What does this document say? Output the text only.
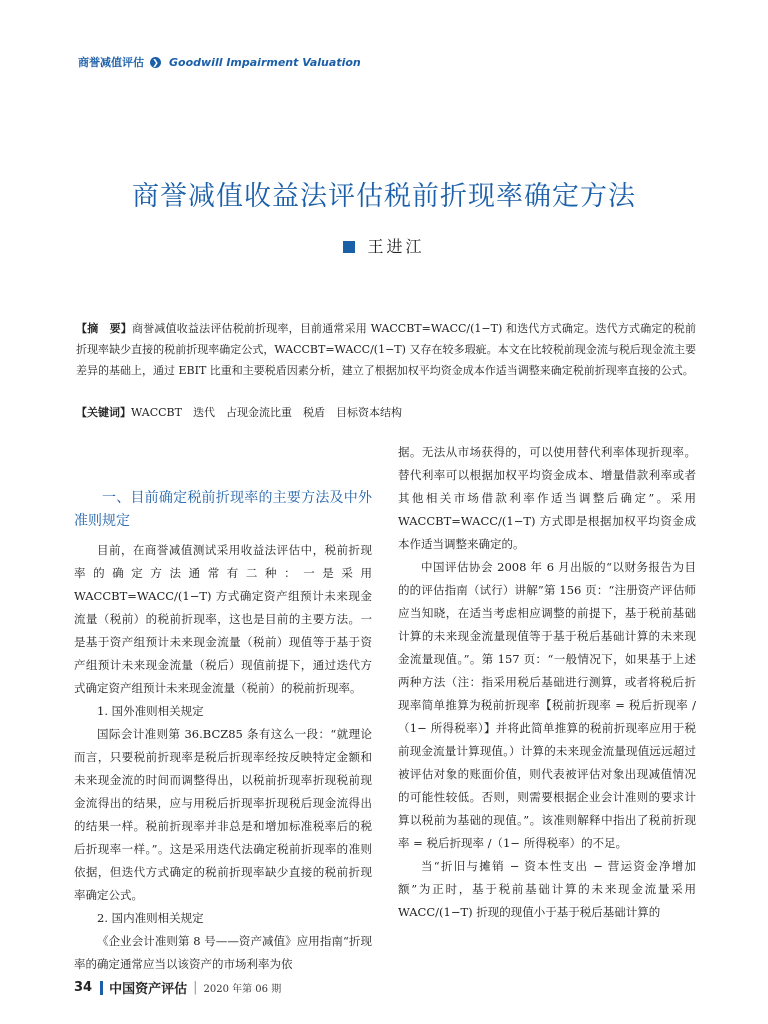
商誉减值评估 ❯ Goodwill Impairment Valuation
商誉减值收益法评估税前折现率确定方法
王进江
【摘　要】商誉减值收益法评估税前折现率，目前通常采用 WACCBT=WACC/(1−T) 和迭代方式确定。迭代方式确定的税前折现率缺少直接的税前折现率确定公式，WACCBT=WACC/(1−T) 又存在较多瑕疵。本文在比较税前现金流与税后现金流主要差异的基础上，通过 EBIT 比重和主要税盾因素分析，建立了根据加权平均资金成本作适当调整来确定税前折现率直接的公式。
【关键词】WACCBT　迭代　占现金流比重　税盾　目标资本结构
一、目前确定税前折现率的主要方法及中外准则规定

目前，在商誉减值测试采用收益法评估中，税前折现率的确定方法通常有二种：一是采用 WACCBT=WACC/(1−T) 方式确定资产组预计未来现金流量（税前）的税前折现率，这也是目前的主要方法。一是基于资产组预计未来现金流量（税前）现值等于基于资产组预计未来现金流量（税后）现值前提下，通过迭代方式确定资产组预计未来现金流量（税前）的税前折现率。

1. 国外准则相关规定

国际会计准则第 36.BCZ85 条有这么一段：“就理论而言，只要税前折现率是税后折现率经按反映特定金额和未来现金流的时间而调整得出，以税前折现率折现税前现金流得出的结果，应与用税后折现率折现税后现金流得出的结果一样。税前折现率并非总是和增加标准税率后的税后折现率一样。”。这是采用迭代法确定税前折现率的准则依据，但迭代方式确定的税前折现率缺少直接的税前折现率确定公式。

2. 国内准则相关规定

《企业会计准则第 8 号——资产减值》应用指南“折现率的确定通常应当以该资产的市场利率为依

据。无法从市场获得的，可以使用替代利率体现折现率。替代利率可以根据加权平均资金成本、增量借款利率或者其他相关市场借款利率作适当调整后确定”。采用 WACCBT=WACC/(1−T) 方式即是根据加权平均资金成本作适当调整来确定的。

中国评估协会 2008 年 6 月出版的“以财务报告为目的的评估指南（试行）讲解”第 156 页：“注册资产评估师应当知晓，在适当考虑相应调整的前提下，基于税前基础计算的未来现金流量现值等于基于税后基础计算的未来现金流量现值。”。第 157 页：“一般情况下，如果基于上述两种方法（注：指采用税后基础进行测算，或者将税后折现率简单推算为税前折现率【税前折现率 = 税后折现率 /（1− 所得税率）】并将此简单推算的税前折现率应用于税前现金流量计算现值。）计算的未来现金流量现值远远超过被评估对象的账面价值，则代表被评估对象出现减值情况的可能性较低。否则，则需要根据企业会计准则的要求计算以税前为基础的现值。”。该准则解释中指出了税前折现率 = 税后折现率 /（1− 所得税率）的不足。

当“折旧与摊销 − 资本性支出 − 营运资金净增加额”为正时，基于税前基础计算的未来现金流量采用 WACC/(1−T) 折现的现值小于基于税后基础计算的

34 中国资产评估 | 2020 年第 06 期
